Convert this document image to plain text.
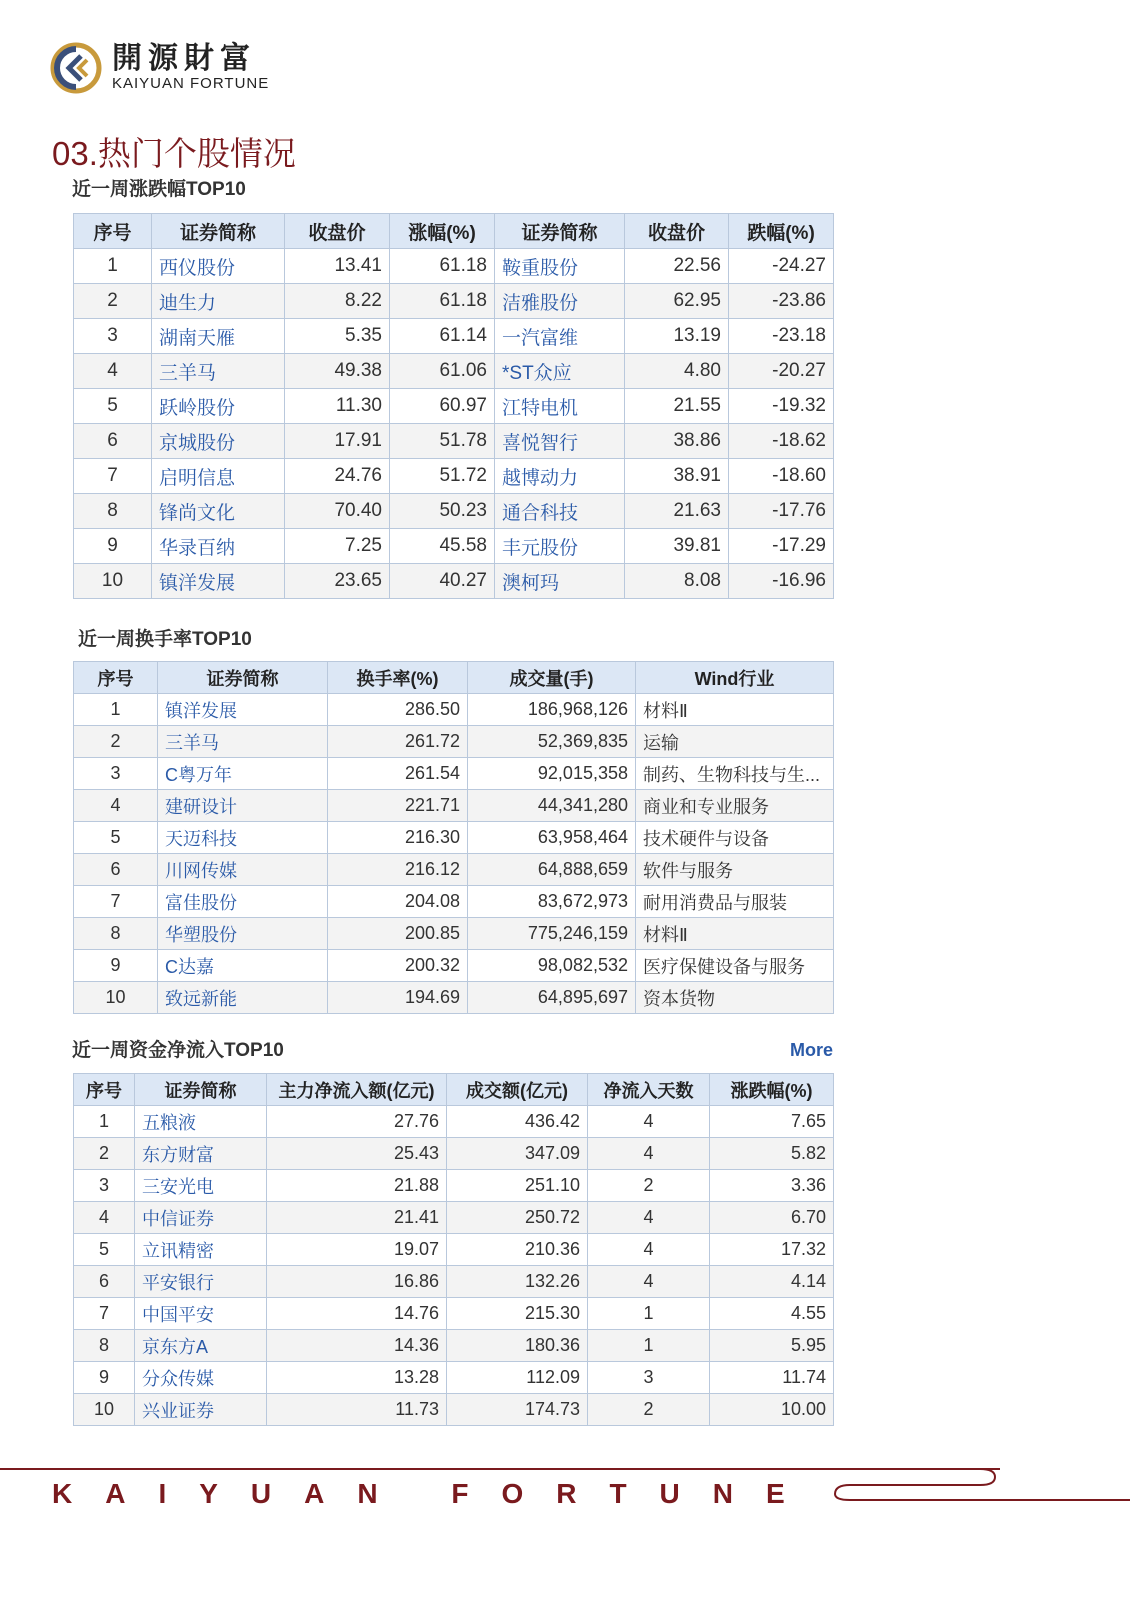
開源財富
KAIYUAN FORTUNE
03.热门个股情况
近一周涨跌幅TOP10
序号	证券简称	收盘价	涨幅(%)	证券简称	收盘价	跌幅(%)
1	西仪股份	13.41	61.18	鞍重股份	22.56	-24.27
2	迪生力	8.22	61.18	洁雅股份	62.95	-23.86
3	湖南天雁	5.35	61.14	一汽富维	13.19	-23.18
4	三羊马	49.38	61.06	*ST众应	4.80	-20.27
5	跃岭股份	11.30	60.97	江特电机	21.55	-19.32
6	京城股份	17.91	51.78	喜悦智行	38.86	-18.62
7	启明信息	24.76	51.72	越博动力	38.91	-18.60
8	锋尚文化	70.40	50.23	通合科技	21.63	-17.76
9	华录百纳	7.25	45.58	丰元股份	39.81	-17.29
10	镇洋发展	23.65	40.27	澳柯玛	8.08	-16.96
近一周换手率TOP10
序号	证券简称	换手率(%)	成交量(手)	Wind行业
1	镇洋发展	286.50	186,968,126	材料Ⅱ
2	三羊马	261.72	52,369,835	运输
3	C粤万年	261.54	92,015,358	制药、生物科技与生...
4	建研设计	221.71	44,341,280	商业和专业服务
5	天迈科技	216.30	63,958,464	技术硬件与设备
6	川网传媒	216.12	64,888,659	软件与服务
7	富佳股份	204.08	83,672,973	耐用消费品与服装
8	华塑股份	200.85	775,246,159	材料Ⅱ
9	C达嘉	200.32	98,082,532	医疗保健设备与服务
10	致远新能	194.69	64,895,697	资本货物
近一周资金净流入TOP10	More
序号	证券简称	主力净流入额(亿元)	成交额(亿元)	净流入天数	涨跌幅(%)
1	五粮液	27.76	436.42	4	7.65
2	东方财富	25.43	347.09	4	5.82
3	三安光电	21.88	251.10	2	3.36
4	中信证券	21.41	250.72	4	6.70
5	立讯精密	19.07	210.36	4	17.32
6	平安银行	16.86	132.26	4	4.14
7	中国平安	14.76	215.30	1	4.55
8	京东方A	14.36	180.36	1	5.95
9	分众传媒	13.28	112.09	3	11.74
10	兴业证券	11.73	174.73	2	10.00
KAIYUAN FORTUNE
